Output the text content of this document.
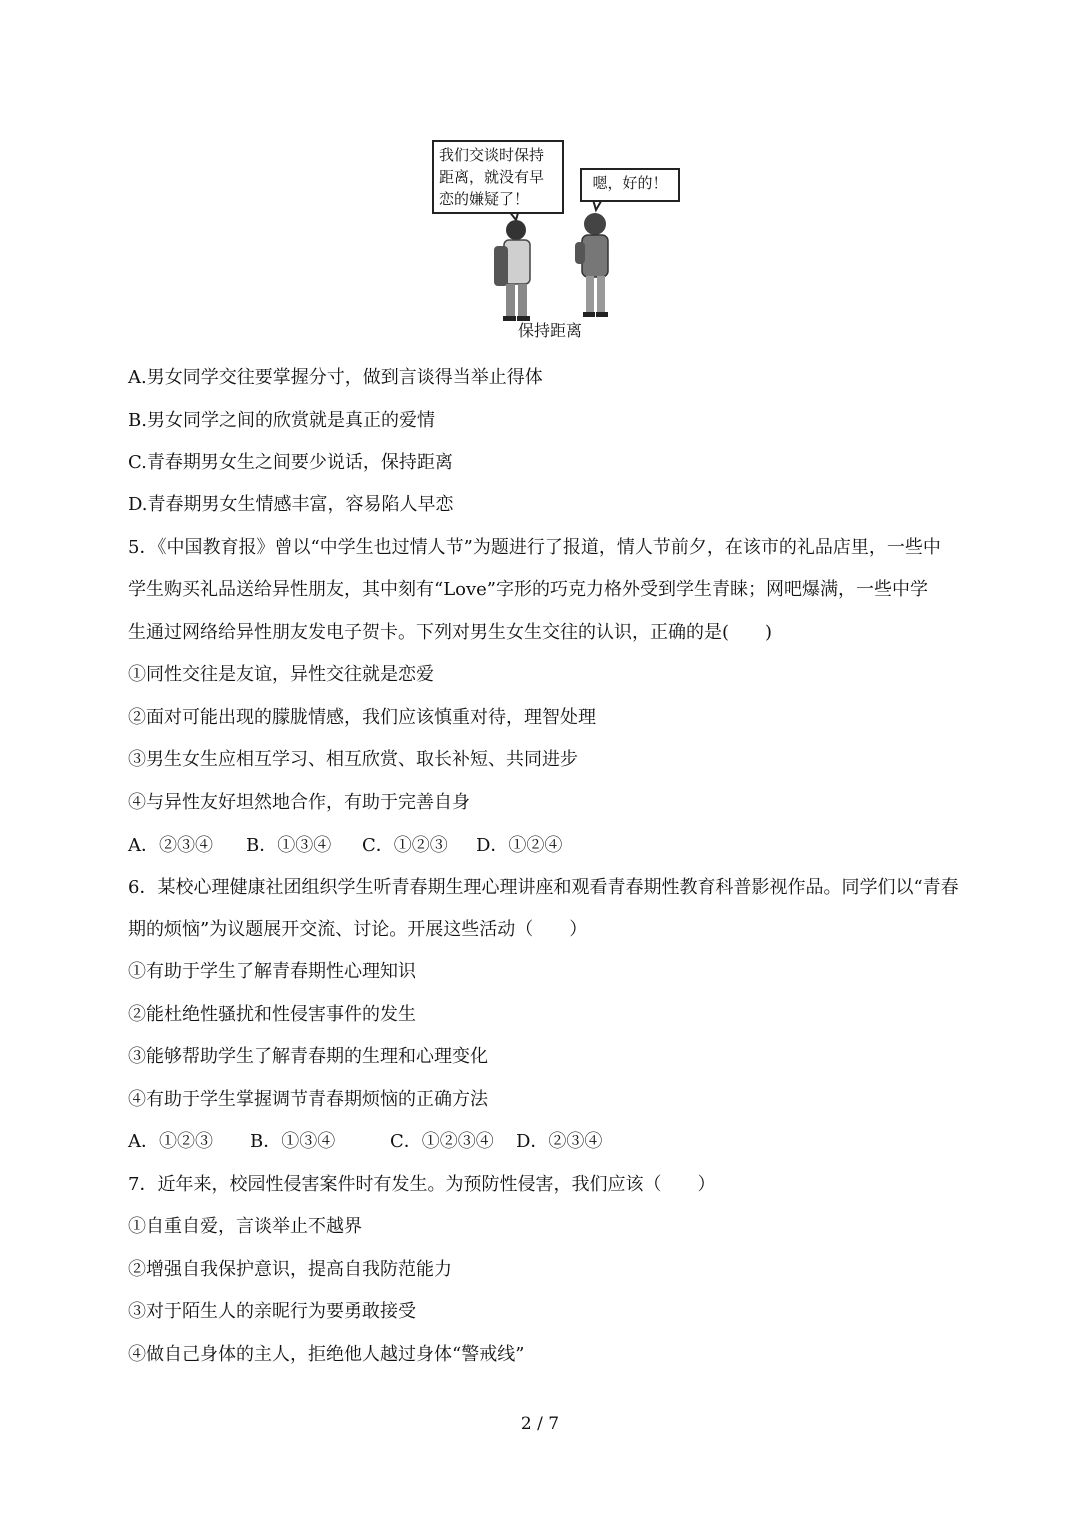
我们交谈时保持
距离，就没有早
恋的嫌疑了！
嗯，好的！
保持距离
A.男女同学交往要掌握分寸，做到言谈得当举止得体
B.男女同学之间的欣赏就是真正的爱情
C.青春期男女生之间要少说话，保持距离
D.青春期男女生情感丰富，容易陷人早恋
5．《中国教育报》曾以“中学生也过情人节”为题进行了报道，情人节前夕，在该市的礼品店里，一些中
学生购买礼品送给异性朋友，其中刻有“Love”字形的巧克力格外受到学生青睐；网吧爆满，一些中学
生通过网络给异性朋友发电子贺卡。下列对男生女生交往的认识，正确的是(　　)
①同性交往是友谊，异性交往就是恋爱
②面对可能出现的朦胧情感，我们应该慎重对待，理智处理
③男生女生应相互学习、相互欣赏、取长补短、共同进步
④与异性友好坦然地合作，有助于完善自身
A．②③④ B．①③④ C．①②③ D．①②④
6．某校心理健康社团组织学生听青春期生理心理讲座和观看青春期性教育科普影视作品。同学们以“青春
期的烦恼”为议题展开交流、讨论。开展这些活动（　　）
①有助于学生了解青春期性心理知识
②能杜绝性骚扰和性侵害事件的发生
③能够帮助学生了解青春期的生理和心理变化
④有助于学生掌握调节青春期烦恼的正确方法
A．①②③ B．①③④	C．①②③④ D．②③④
7．近年来，校园性侵害案件时有发生。为预防性侵害，我们应该（　　）
①自重自爱，言谈举止不越界
②增强自我保护意识，提高自我防范能力
③对于陌生人的亲昵行为要勇敢接受
④做自己身体的主人，拒绝他人越过身体“警戒线”
2 / 7
